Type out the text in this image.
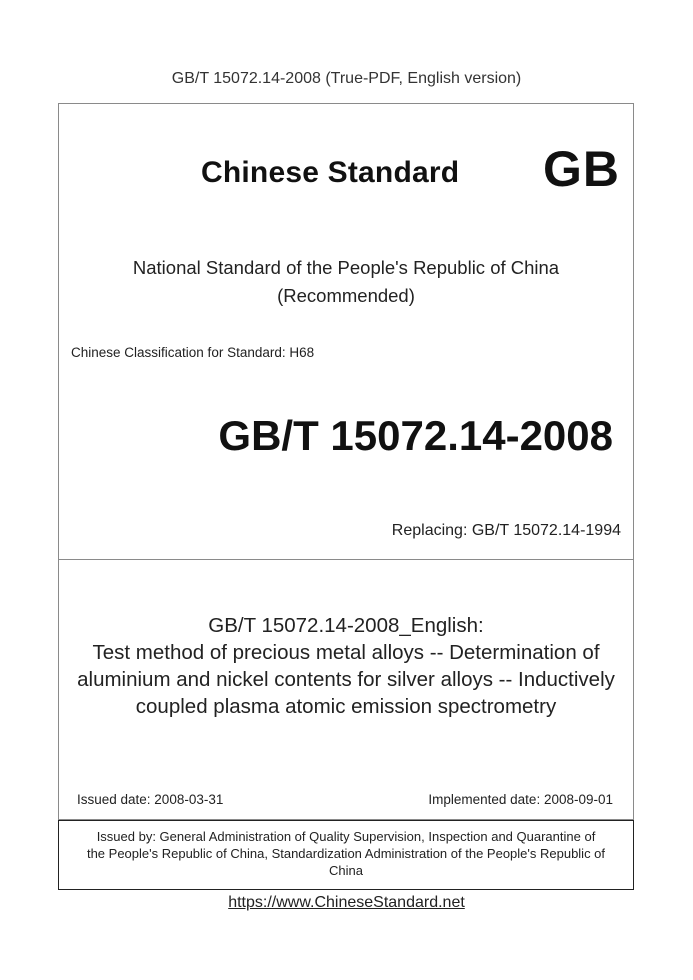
GB/T 15072.14-2008 (True-PDF, English version)
Chinese Standard GB
National Standard of the People's Republic of China
(Recommended)
Chinese Classification for Standard: H68
GB/T 15072.14-2008
Replacing: GB/T 15072.14-1994
GB/T 15072.14-2008_English:
Test method of precious metal alloys -- Determination of
aluminium and nickel contents for silver alloys -- Inductively
coupled plasma atomic emission spectrometry
Issued date: 2008-03-31	Implemented date: 2008-09-01
Issued by: General Administration of Quality Supervision, Inspection and Quarantine of
the People's Republic of China, Standardization Administration of the People's Republic of
China
https://www.ChineseStandard.net
